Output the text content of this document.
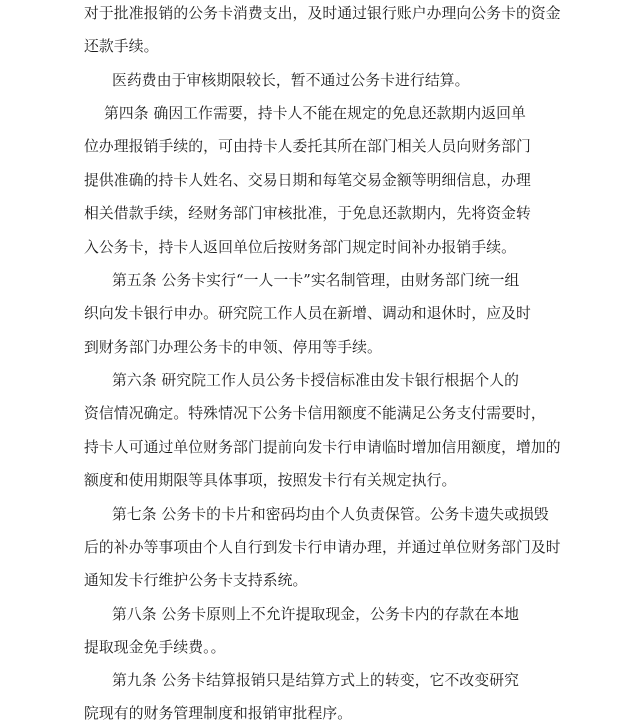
对于批准报销的公务卡消费支出，及时通过银行账户办理向公务卡的资金
还款手续。
医药费由于审核期限较长，暂不通过公务卡进行结算。
第四条 确因工作需要，持卡人不能在规定的免息还款期内返回单
位办理报销手续的，可由持卡人委托其所在部门相关人员向财务部门
提供准确的持卡人姓名、交易日期和每笔交易金额等明细信息，办理
相关借款手续，经财务部门审核批准，于免息还款期内，先将资金转
入公务卡，持卡人返回单位后按财务部门规定时间补办报销手续。
第五条 公务卡实行“一人一卡”实名制管理，由财务部门统一组
织向发卡银行申办。研究院工作人员在新增、调动和退休时，应及时
到财务部门办理公务卡的申领、停用等手续。
第六条 研究院工作人员公务卡授信标准由发卡银行根据个人的
资信情况确定。特殊情况下公务卡信用额度不能满足公务支付需要时，
持卡人可通过单位财务部门提前向发卡行申请临时增加信用额度，增加的
额度和使用期限等具体事项，按照发卡行有关规定执行。
第七条 公务卡的卡片和密码均由个人负责保管。公务卡遗失或损毁
后的补办等事项由个人自行到发卡行申请办理，并通过单位财务部门及时
通知发卡行维护公务卡支持系统。
第八条 公务卡原则上不允许提取现金，公务卡内的存款在本地
提取现金免手续费。。
第九条 公务卡结算报销只是结算方式上的转变，它不改变研究
院现有的财务管理制度和报销审批程序。
